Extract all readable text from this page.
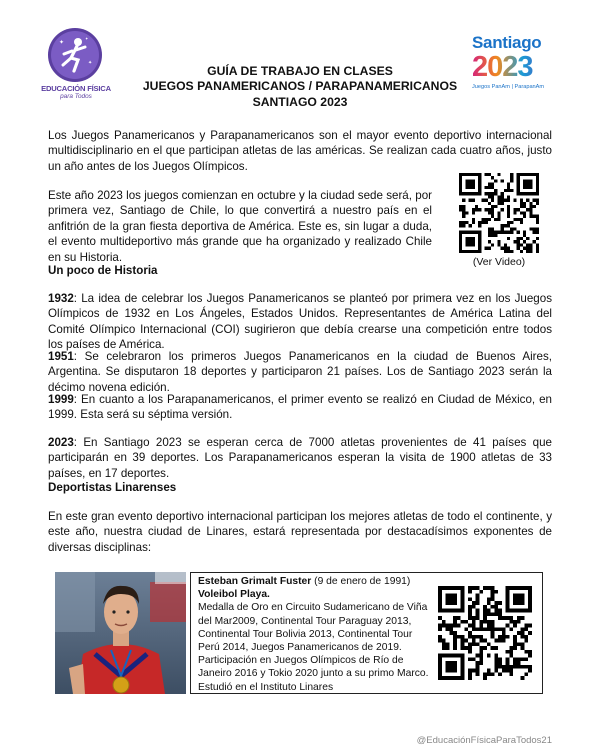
✦
✦
✦
EDUCACIÓN FÍSICA
para Todos
GUÍA DE TRABAJO EN CLASES
JUEGOS PANAMERICANOS / PARAPANAMERICANOS
SANTIAGO 2023
Santiago
2023
Juegos PanAm | ParapanAm

Los Juegos Panamericanos y Parapanamericanos son el mayor evento deportivo internacional multidisciplinario en el que participan atletas de las américas. Se realizan cada cuatro años, justo un año antes de los Juegos Olímpicos.

Este año 2023 los juegos comienzan en octubre y la ciudad sede será, por primera vez, Santiago de Chile, lo que convertirá a nuestro país en el anfitrión de la gran fiesta deportiva de América. Este es, sin lugar a duda, el evento multideportivo más grande que ha organizado y realizado Chile en su Historia.	(Ver Video)
Un poco de Historia

1932: La idea de celebrar los Juegos Panamericanos se planteó por primera vez en los Juegos Olímpicos de 1932 en Los Ángeles, Estados Unidos. Representantes de América Latina del Comité Olímpico Internacional (COI) sugirieron que debía crearse una competición entre todos los países de América.

1951: Se celebraron los primeros Juegos Panamericanos en la ciudad de Buenos Aires, Argentina. Se disputaron 18 deportes y participaron 21 países. Los de Santiago 2023 serán la décimo novena edición.

1999: En cuanto a los Parapanamericanos, el primer evento se realizó en Ciudad de México, en 1999. Esta será su séptima versión.

2023: En Santiago 2023 se esperan cerca de 7000 atletas provenientes de 41 países que participarán en 39 deportes. Los Parapanamericanos esperan la visita de 1900 atletas de 33 países, en 17 deportes.

Deportistas Linarenses

En este gran evento deportivo internacional participan los mejores atletas de todo el continente, y este año, nuestra ciudad de Linares, estará representada por destacadísimos exponentes de diversas disciplinas:

Esteban Grimalt Fuster (9 de enero de 1991)
Voleibol Playa.
Medalla de Oro en Circuito Sudamericano de Viña del Mar2009, Continental Tour Paraguay 2013, Continental Tour Bolivia 2013, Continental Tour Perú 2014, Juegos Panamericanos de 2019. Participación en Juegos Olímpicos de Río de Janeiro 2016 y Tokio 2020 junto a su primo Marco. Estudió en el Instituto Linares
@EducaciónFísicaParaTodos21
